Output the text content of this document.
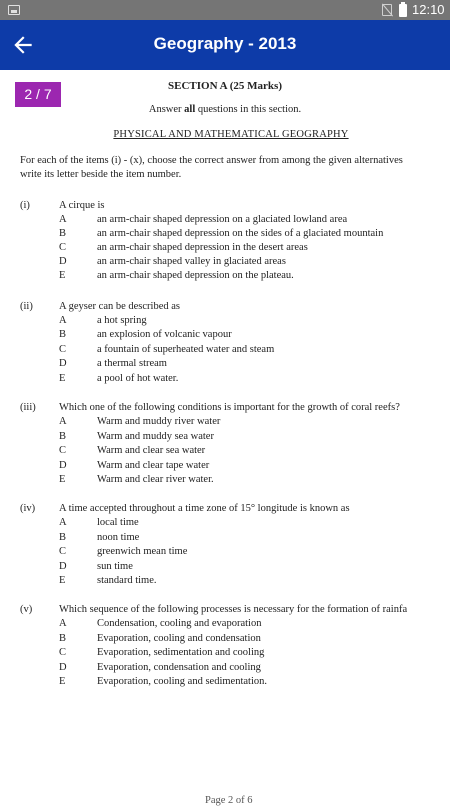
12:10
Geography - 2013
SECTION A (25 Marks)
Answer all questions in this section.
PHYSICAL AND MATHEMATICAL GEOGRAPHY
For each of the items (i) - (x), choose the correct answer from among the given alternatives
write its letter beside the item number.
(i)	A cirque is
A	an arm-chair shaped depression on a glaciated lowland area
B	an arm-chair shaped depression on the sides of a glaciated mountain
C	an arm-chair shaped depression in the desert areas
D	an arm-chair shaped valley in glaciated areas
E	an arm-chair shaped depression on the plateau.
(ii) A geyser can be described as
A	a hot spring
B	an explosion of volcanic vapour
C	a fountain of superheated water and steam
D	a thermal stream
E	a pool of hot water.
(iii) Which one of the following conditions is important for the growth of coral reefs?
A	Warm and muddy river water
B	Warm and muddy sea water
C	Warm and clear sea water
D	Warm and clear tape water
E	Warm and clear river water.
(iv) A time accepted throughout a time zone of 15° longitude is known as
A	local time
B	noon time
C	greenwich mean time
D	sun time
E	standard time.
(v)	Which sequence of the following processes is necessary for the formation of rainfa
A	Condensation, cooling and evaporation
B	Evaporation, cooling and condensation
C	Evaporation, sedimentation and cooling
D	Evaporation, condensation and cooling
E	Evaporation, cooling and sedimentation.
Page 2 of 6
2 / 7
